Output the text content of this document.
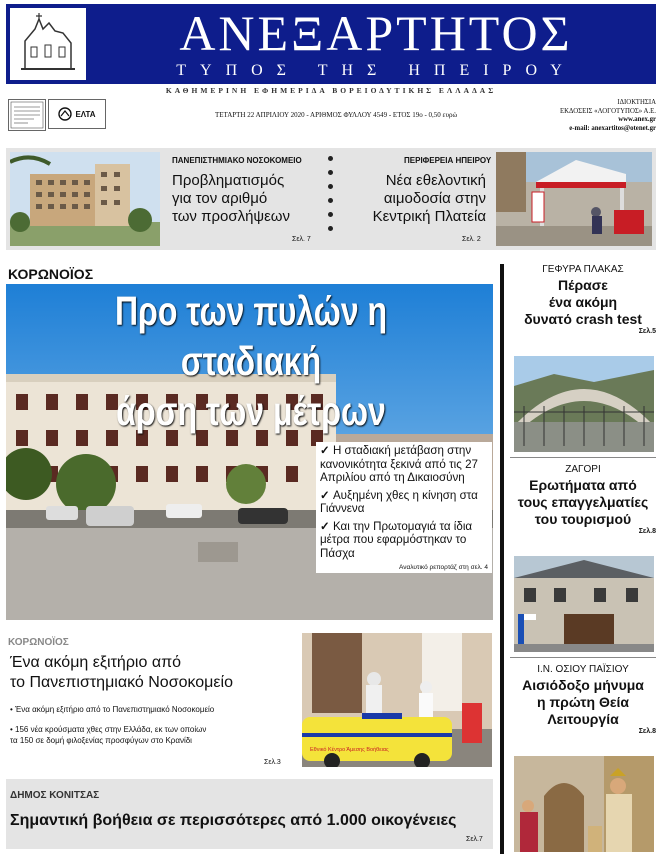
ΑΝΕΞΑΡΤΗΤΟΣ
ΤΥΠΟΣ ΤΗΣ ΗΠΕΙΡΟΥ
ΚΑΘΗΜΕΡΙΝΗ ΕΦΗΜΕΡΙΔΑ ΒΟΡΕΙΟΔΥΤΙΚΗΣ ΕΛΛΑΔΑΣ
ΕΛΤΑ	ΤΕΤΑΡΤΗ 22 ΑΠΡΙΛΙΟΥ 2020 - ΑΡΙΘΜΟΣ ΦΥΛΛΟΥ 4549 - ΕΤΟΣ 19ο - 0,50 ευρώ
ΙΔΙΟΚΤΗΣΙΑ
ΕΚΔΟΣΕΙΣ «ΛΟΓΟΤΥΠΟΣ» Α.Ε.
www.anex.gr
e-mail: anexartitos@otenet.gr
ΠΑΝΕΠΙΣΤΗΜΙΑΚΟ ΝΟΣΟΚΟΜΕΙΟ
Προβληματισμός
για τον αριθμό
των προσλήψεων
Σελ. 7
ΠΕΡΙΦΕΡΕΙΑ ΗΠΕΙΡΟΥ
Νέα εθελοντική
αιμοδοσία στην
Κεντρική Πλατεία
Σελ. 2
ΚΟΡΩΝΟΪΟΣ
Προ των πυλών η σταδιακή
άρση των μέτρων
✓ Η σταδιακή μετάβαση στην κανονικότητα ξεκινά από τις 27 Απριλίου από τη Δικαιοσύνη
✓ Αυξημένη χθες η κίνηση στα Γιάννενα
✓ Και την Πρωτομαγιά τα ίδια μέτρα που εφαρμόστηκαν το Πάσχα
Αναλυτικό ρεπορτάζ στη σελ. 4
ΚΟΡΩΝΟΪΟΣ
Ένα ακόμη εξιτήριο από
το Πανεπιστημιακό Νοσοκομείο
• Ένα ακόμη εξιτήριο από το Πανεπιστημιακό Νοσοκομείο
• 156 νέα κρούσματα χθες στην Ελλάδα, εκ των οποίων
τα 150 σε δομή φιλοξενίας προσφύγων στο Κρανίδι
Σελ.3
Εθνικό Κέντρο Άμεσης Βοήθειας
ΔΗΜΟΣ ΚΟΝΙΤΣΑΣ
Σημαντική βοήθεια σε περισσότερες από 1.000 οικογένειες
Σελ.7
ΓΕΦΥΡΑ ΠΛΑΚΑΣ
Πέρασε
ένα ακόμη
δυνατό crash test
Σελ.5
ΖΑΓΟΡΙ
Ερωτήματα από
τους επαγγελματίες
του τουρισμού
Σελ.8
Ι.Ν. ΟΣΙΟΥ ΠΑΪΣΙΟΥ
Αισιόδοξο μήνυμα
η πρώτη Θεία
Λειτουργία
Σελ.8
